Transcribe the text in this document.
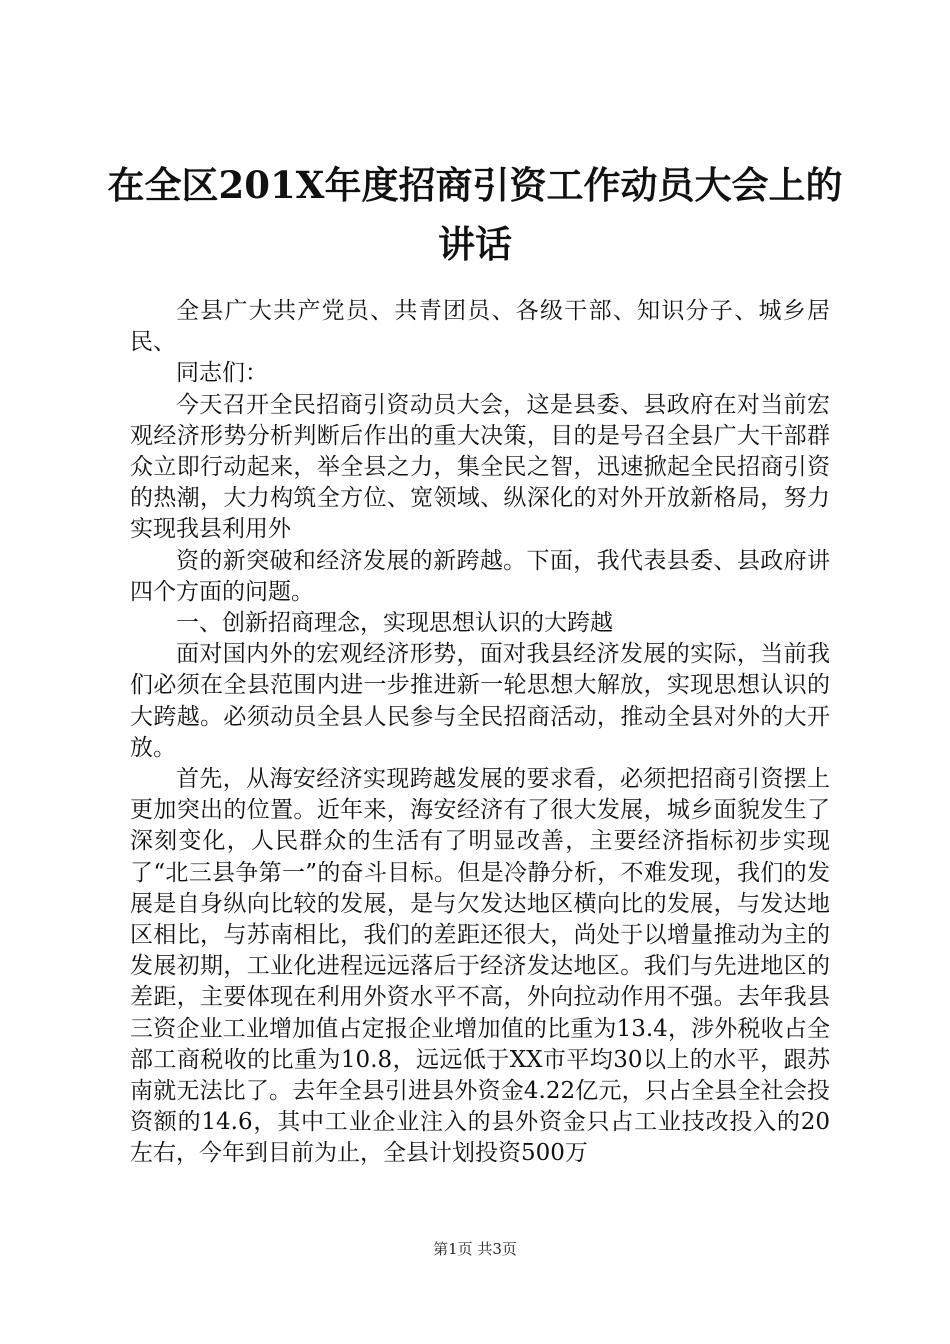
在全区201X年度招商引资工作动员大会上的
讲话

全县广大共产党员、共青团员、各级干部、知识分子、城乡居民、

同志们：

今天召开全民招商引资动员大会，这是县委、县政府在对当前宏观经济形势分析判断后作出的重大决策，目的是号召全县广大干部群众立即行动起来，举全县之力，集全民之智，迅速掀起全民招商引资的热潮，大力构筑全方位、宽领域、纵深化的对外开放新格局，努力实现我县利用外

资的新突破和经济发展的新跨越。下面，我代表县委、县政府讲四个方面的问题。

一、创新招商理念，实现思想认识的大跨越

面对国内外的宏观经济形势，面对我县经济发展的实际，当前我们必须在全县范围内进一步推进新一轮思想大解放，实现思想认识的大跨越。必须动员全县人民参与全民招商活动，推动全县对外的大开放。

首先，从海安经济实现跨越发展的要求看，必须把招商引资摆上更加突出的位置。近年来，海安经济有了很大发展，城乡面貌发生了深刻变化，人民群众的生活有了明显改善，主要经济指标初步实现了“北三县争第一”的奋斗目标。但是冷静分析，不难发现，我们的发展是自身纵向比较的发展，是与欠发达地区横向比的发展，与发达地区相比，与苏南相比，我们的差距还很大，尚处于以增量推动为主的发展初期，工业化进程远远落后于经济发达地区。我们与先进地区的差距，主要体现在利用外资水平不高，外向拉动作用不强。去年我县三资企业工业增加值占定报企业增加值的比重为13.4，涉外税收占全部工商税收的比重为10.8，远远低于XX市平均30以上的水平，跟苏南就无法比了。去年全县引进县外资金4.22亿元，只占全县全社会投资额的14.6，其中工业企业注入的县外资金只占工业技改投入的20左右，今年到目前为止，全县计划投资500万

第1页 共3页
